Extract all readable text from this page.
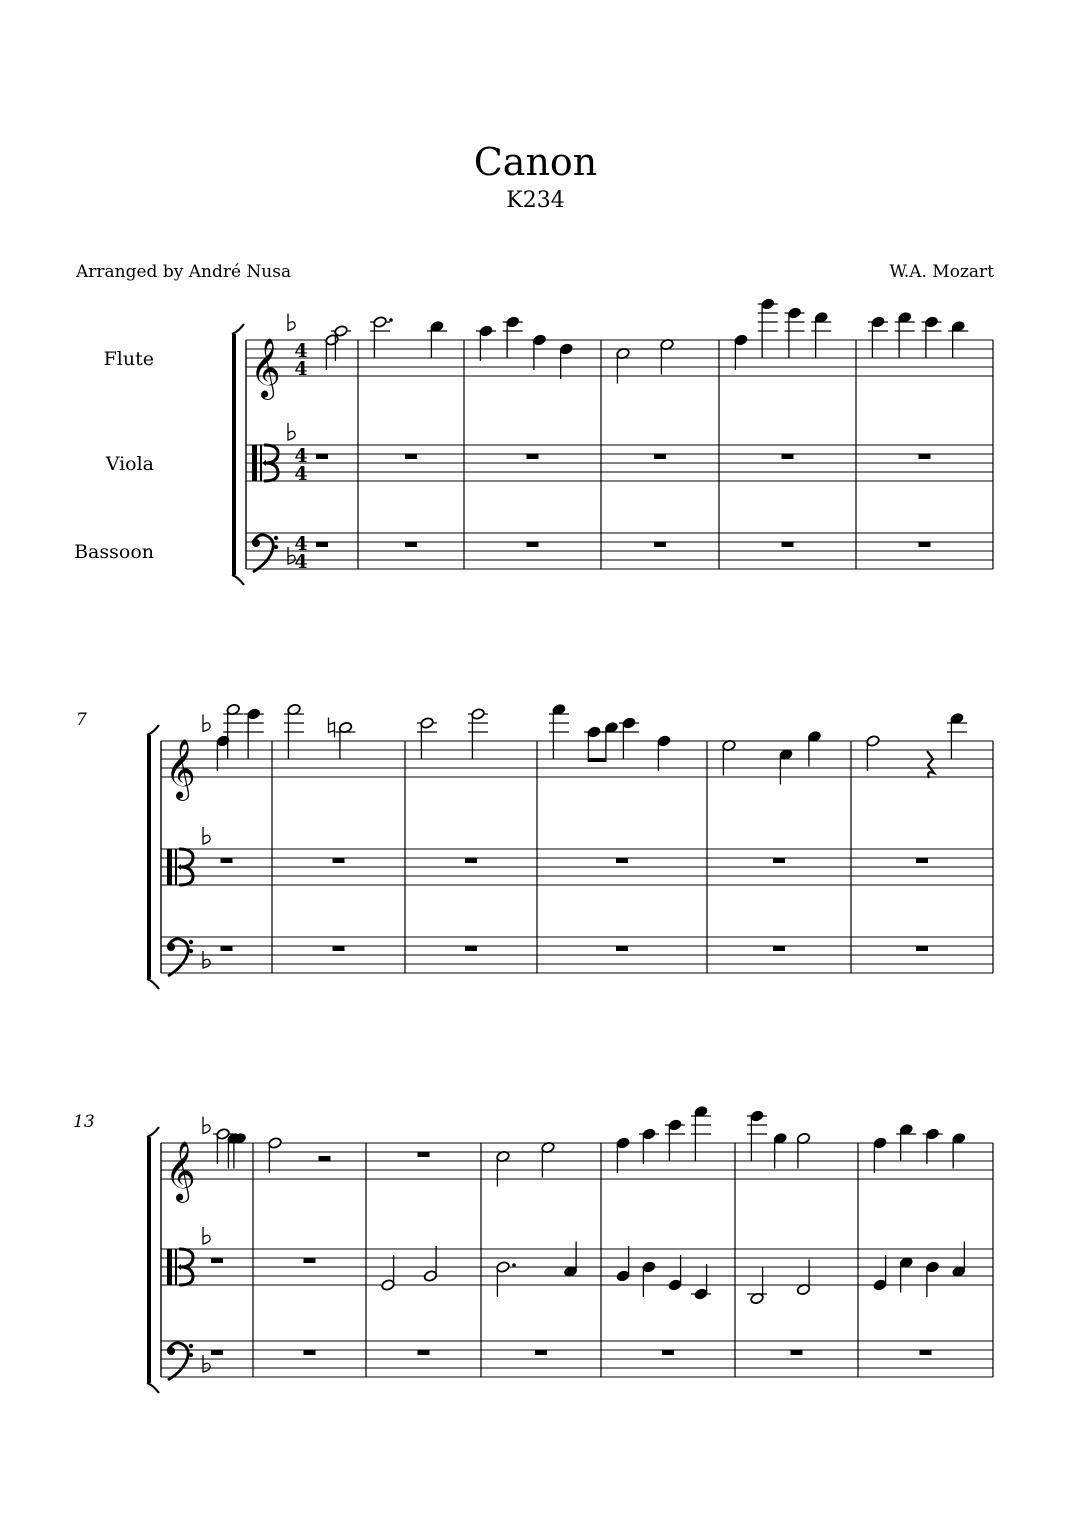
Canon
K234
Arranged by André Nusa	W.A. Mozart
Flute 𝄞 4
4
Viola	4
4
Bassoon	4
4
7
𝄞
13
𝄞
